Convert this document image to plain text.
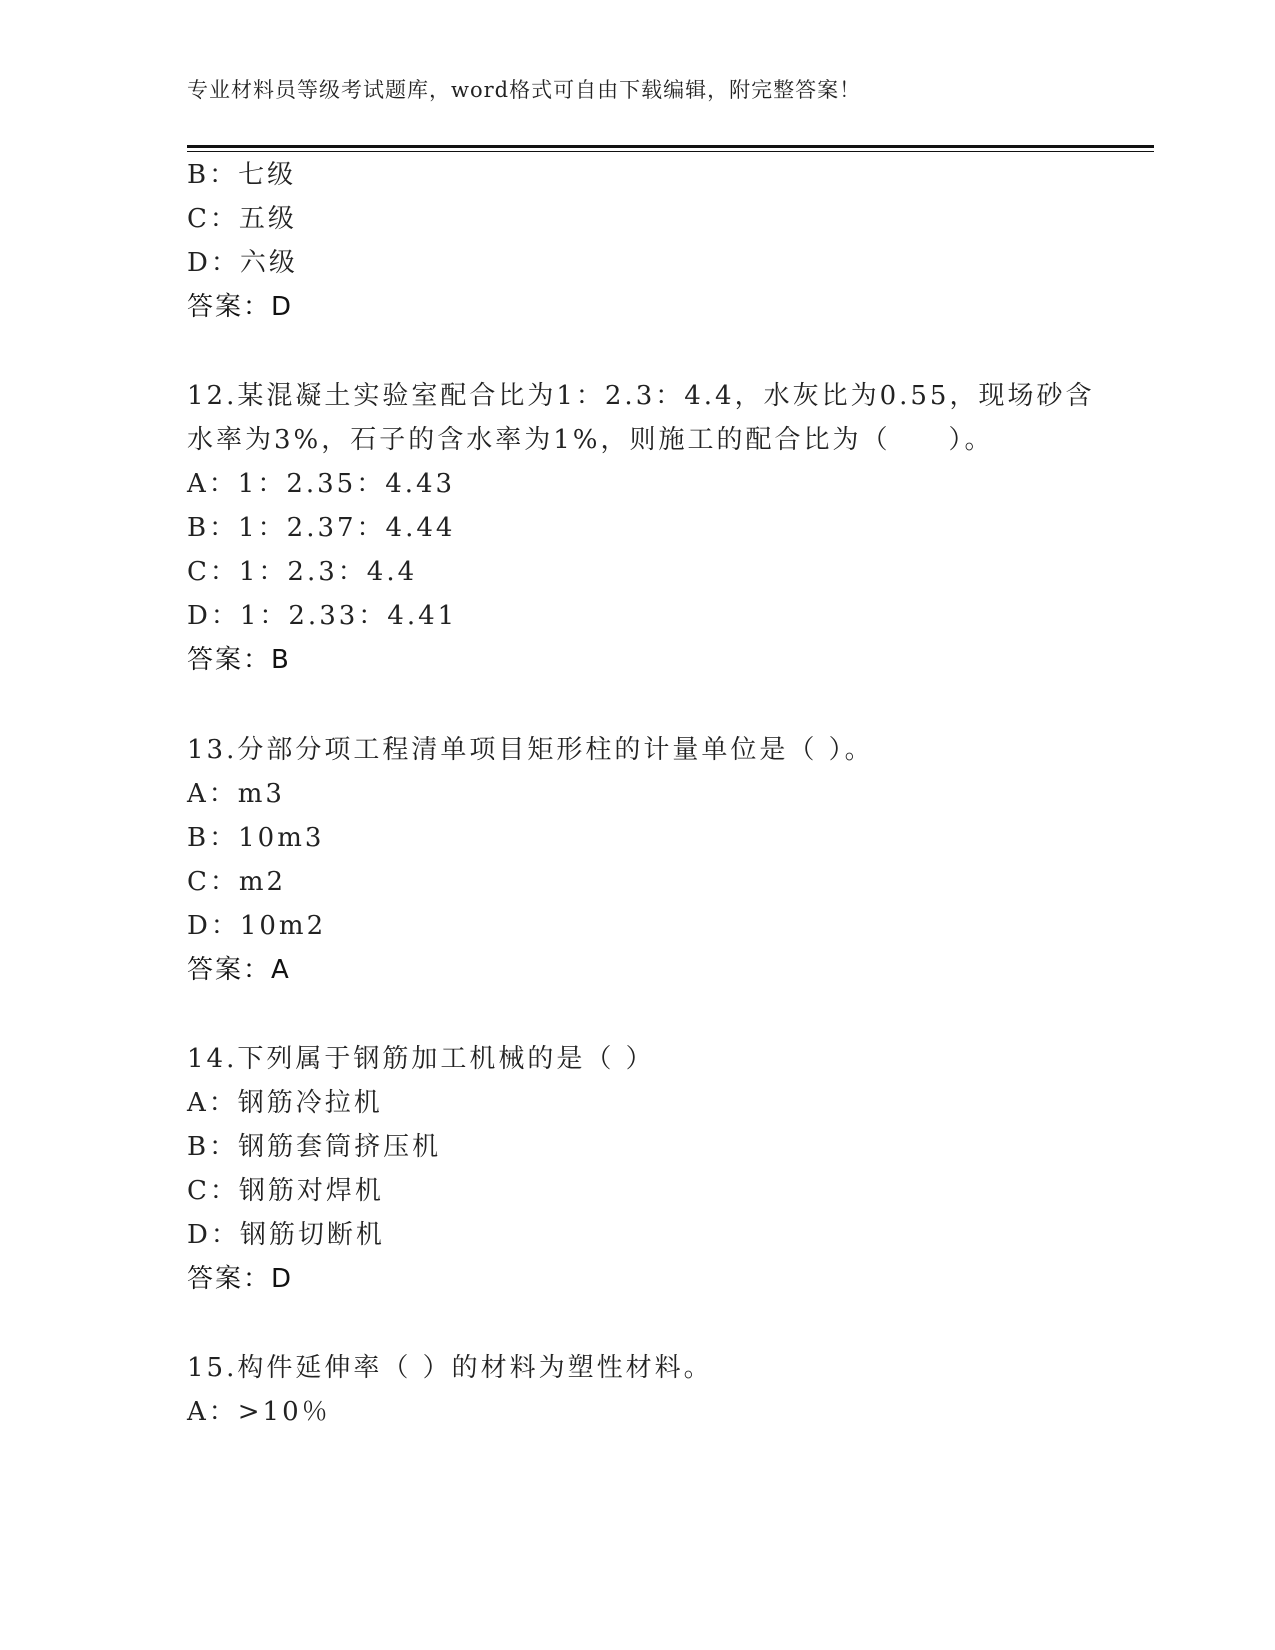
专业材料员等级考试题库，word格式可自由下载编辑，附完整答案！
B：七级
C：五级
D：六级
答案：D
12.某混凝土实验室配合比为1：2.3：4.4，水灰比为0.55，现场砂含
水率为3%，石子的含水率为1%，则施工的配合比为（　　）。
A：1：2.35：4.43
B：1：2.37：4.44
C：1：2.3：4.4
D：1：2.33：4.41
答案：B
13.分部分项工程清单项目矩形柱的计量单位是（ ）。
A：m3
B：10m3
C：m2
D：10m2
答案：A
14.下列属于钢筋加工机械的是（ ）
A：钢筋冷拉机
B：钢筋套筒挤压机
C：钢筋对焊机
D：钢筋切断机
答案：D
15.构件延伸率（ ）的材料为塑性材料。
A：>10％
